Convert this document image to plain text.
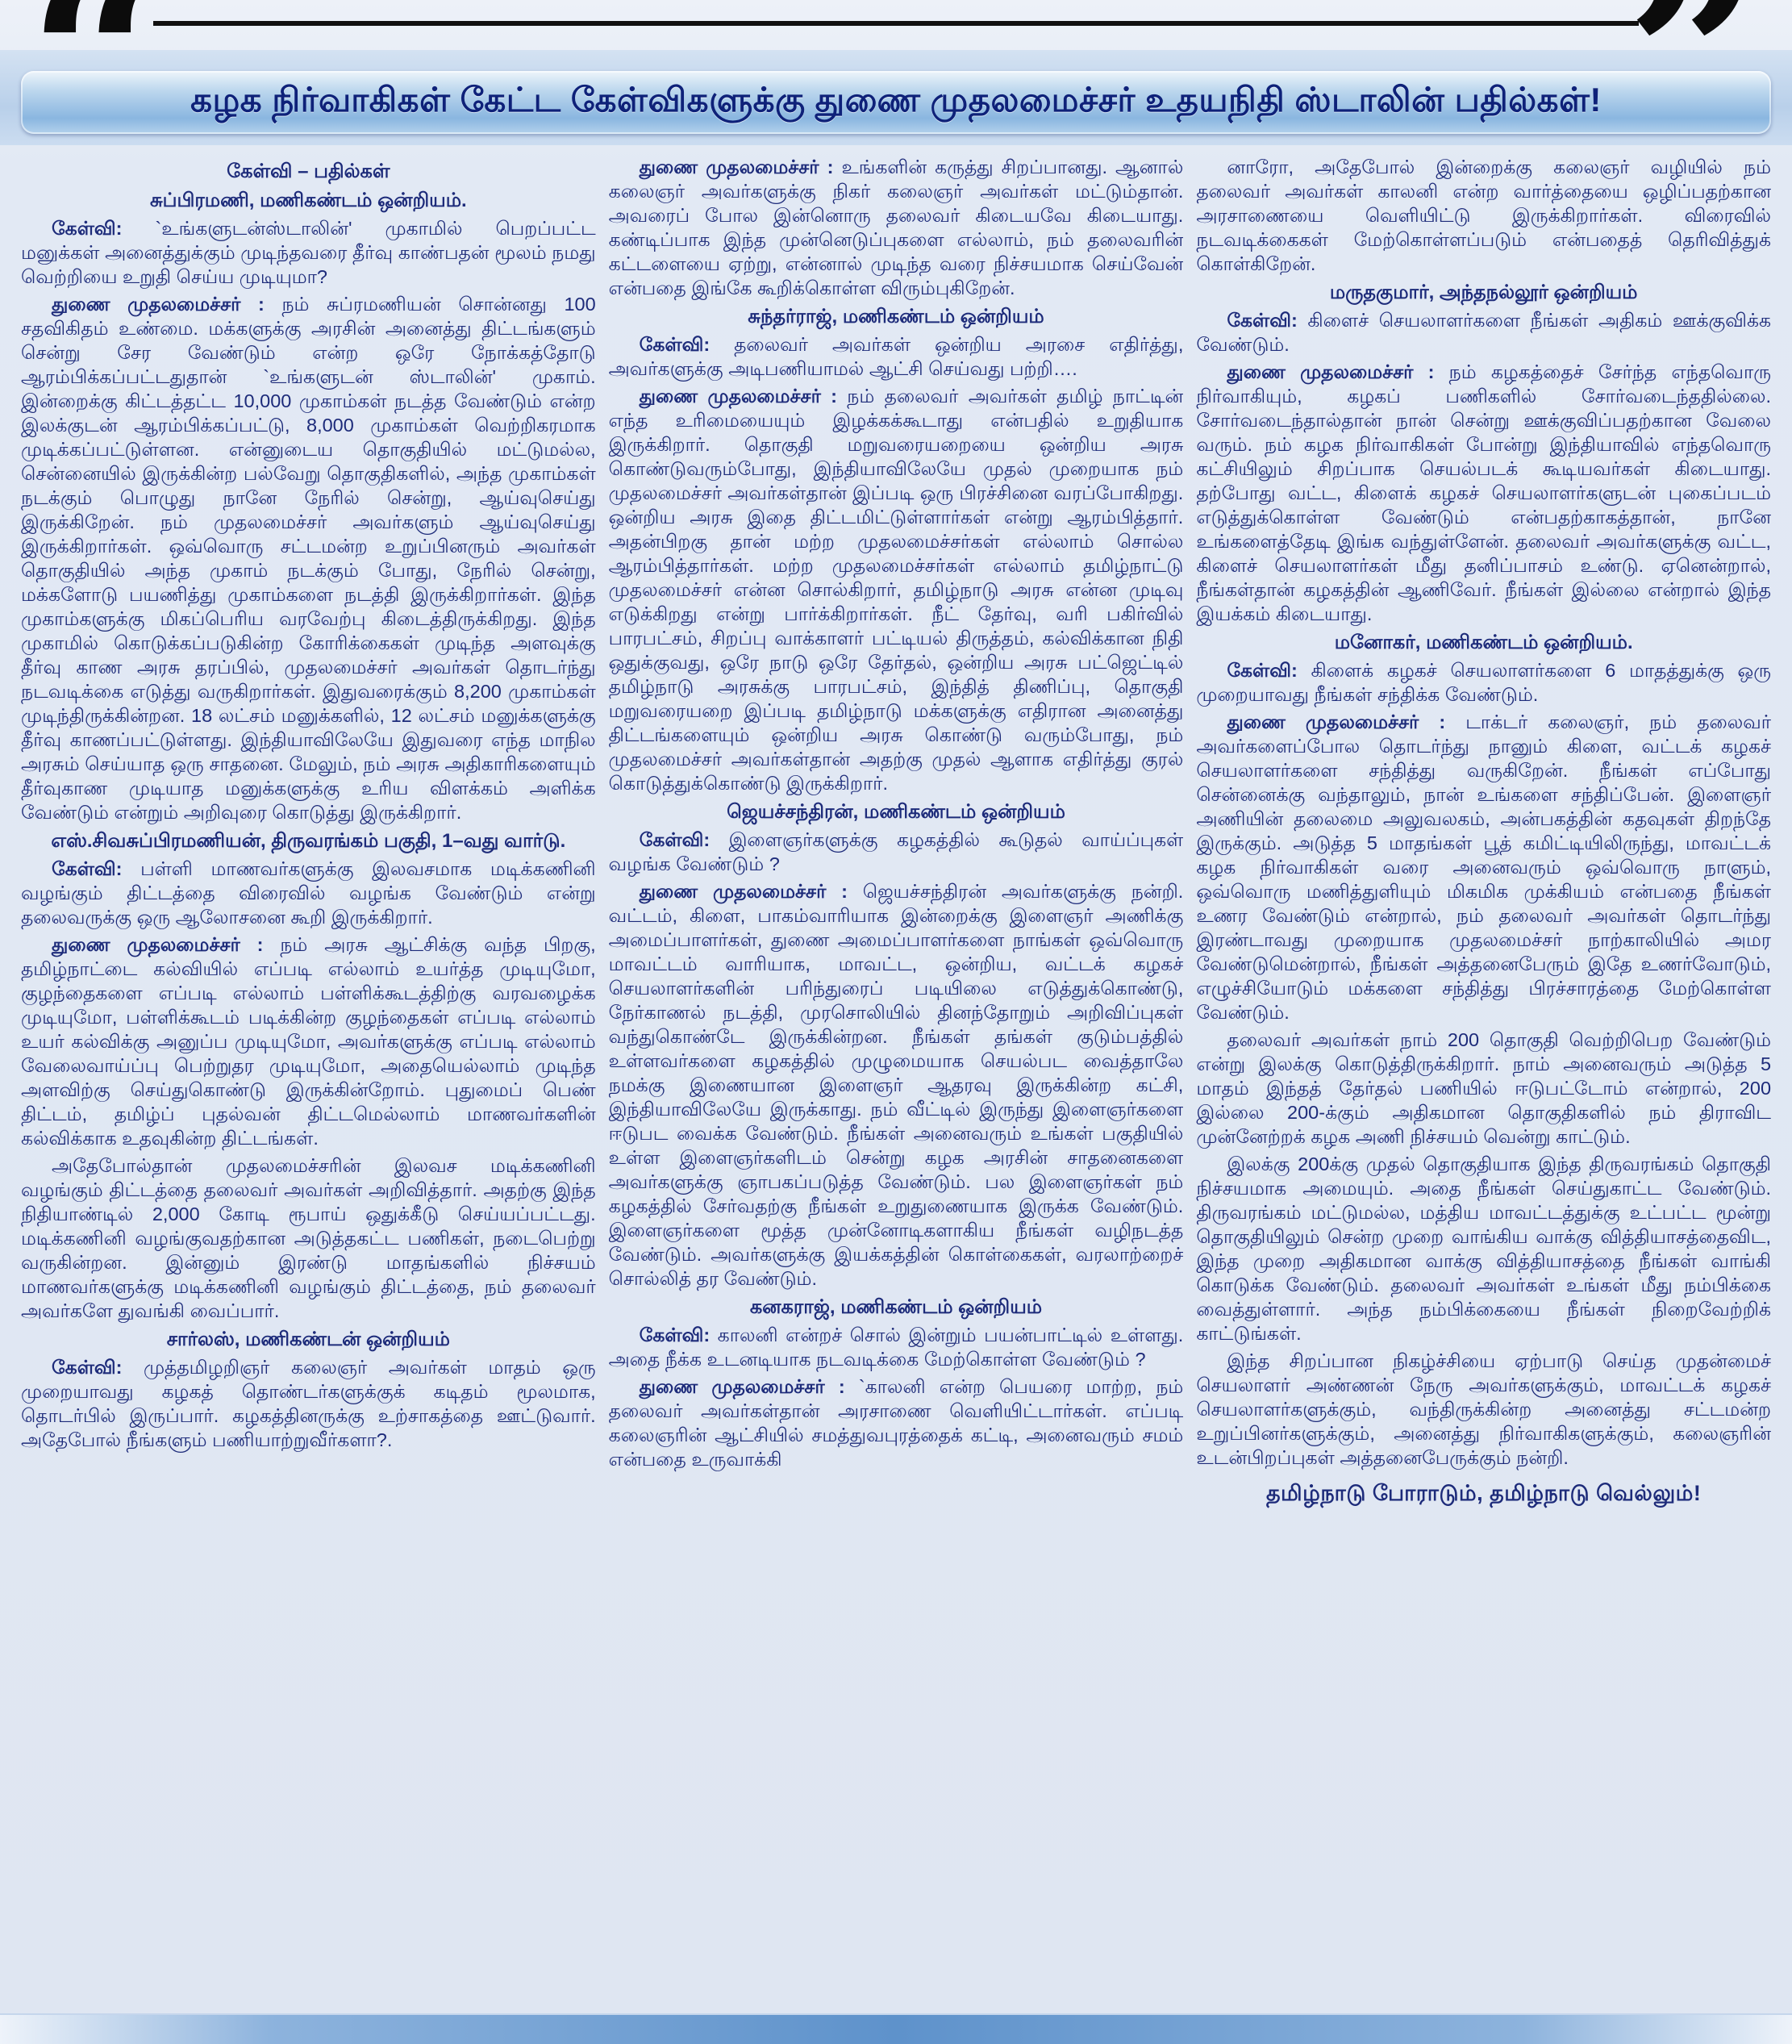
கழக நிர்வாகிகள் கேட்ட கேள்விகளுக்கு துணை முதலமைச்சர் உதயநிதி ஸ்டாலின் பதில்கள்!
கேள்வி – பதில்கள்
சுப்பிரமணி, மணிகண்டம் ஒன்றியம்.

கேள்வி: `உங்களுடன்ஸ்டாலின்' முகாமில் பெறப்பட்ட மனுக்கள் அனைத்துக்கும் முடிந்தவரை தீர்வு காண்பதன் மூலம் நமது வெற்றியை உறுதி செய்ய முடியுமா?

துணை முதலமைச்சர் : நம் சுப்ரமணியன் சொன்னது 100 சதவிகிதம் உண்மை. மக்களுக்கு அரசின் அனைத்து திட்டங்களும் சென்று சேர வேண்டும் என்ற ஒரே நோக்கத்தோடு ஆரம்பிக்கப்பட்டதுதான் `உங்களுடன் ஸ்டாலின்' முகாம். இன்றைக்கு கிட்டத்தட்ட 10,000 முகாம்கள் நடத்த வேண்டும் என்ற இலக்குடன் ஆரம்பிக்கப்பட்டு, 8,000 முகாம்கள் வெற்றிகரமாக முடிக்கப்பட்டுள்ளன. என்னுடைய தொகுதியில் மட்டுமல்ல, சென்னையில் இருக்கின்ற பல்வேறு தொகுதிகளில், அந்த முகாம்கள் நடக்கும் பொழுது நானே நேரில் சென்று, ஆய்வுசெய்து இருக்கிறேன். நம் முதலமைச்சர் அவர்களும் ஆய்வுசெய்து இருக்கிறார்கள். ஒவ்வொரு சட்டமன்ற உறுப்பினரும் அவர்கள் தொகுதியில் அந்த முகாம் நடக்கும் போது, நேரில் சென்று, மக்களோடு பயணித்து முகாம்களை நடத்தி இருக்கிறார்கள். இந்த முகாம்களுக்கு மிகப்பெரிய வரவேற்பு கிடைத்திருக்கிறது. இந்த முகாமில் கொடுக்கப்படுகின்ற கோரிக்கைகள் முடிந்த அளவுக்கு தீர்வு காண அரசு தரப்பில், முதலமைச்சர் அவர்கள் தொடர்ந்து நடவடிக்கை எடுத்து வருகிறார்கள். இதுவரைக்கும் 8,200 முகாம்கள் முடிந்திருக்கின்றன. 18 லட்சம் மனுக்களில், 12 லட்சம் மனுக்களுக்கு தீர்வு காணப்பட்டுள்ளது. இந்தியாவிலேயே இதுவரை எந்த மாநில அரசும் செய்யாத ஒரு சாதனை. மேலும், நம் அரசு அதிகாரிகளையும் தீர்வுகாண முடியாத மனுக்களுக்கு உரிய விளக்கம் அளிக்க வேண்டும் என்றும் அறிவுரை கொடுத்து இருக்கிறார்.

எஸ்.சிவசுப்பிரமணியன், திருவரங்கம் பகுதி, 1–வது வார்டு.

கேள்வி: பள்ளி மாணவர்களுக்கு இலவசமாக மடிக்கணினி வழங்கும் திட்டத்தை விரைவில் வழங்க வேண்டும் என்று தலைவருக்கு ஒரு ஆலோசனை கூறி இருக்கிறார்.

துணை முதலமைச்சர் : நம் அரசு ஆட்சிக்கு வந்த பிறகு, தமிழ்நாட்டை கல்வியில் எப்படி எல்லாம் உயர்த்த முடியுமோ, குழந்தைகளை எப்படி எல்லாம் பள்ளிக்கூடத்திற்கு வரவழைக்க முடியுமோ, பள்ளிக்கூடம் படிக்கின்ற குழந்தைகள் எப்படி எல்லாம் உயர் கல்விக்கு அனுப்ப முடியுமோ, அவர்களுக்கு எப்படி எல்லாம் வேலைவாய்ப்பு பெற்றுதர முடியுமோ, அதையெல்லாம் முடிந்த அளவிற்கு செய்துகொண்டு இருக்கின்றோம். புதுமைப் பெண் திட்டம், தமிழ்ப் புதல்வன் திட்டமெல்லாம் மாணவர்களின் கல்விக்காக உதவுகின்ற திட்டங்கள்.

அதேபோல்தான் முதலமைச்சரின் இலவச மடிக்கணினி வழங்கும் திட்டத்தை தலைவர் அவர்கள் அறிவித்தார். அதற்கு இந்த நிதியாண்டில் 2,000 கோடி ரூபாய் ஒதுக்கீடு செய்யப்பட்டது. மடிக்கணினி வழங்குவதற்கான அடுத்தகட்ட பணிகள், நடைபெற்று வருகின்றன. இன்னும் இரண்டு மாதங்களில் நிச்சயம் மாணவர்களுக்கு மடிக்கணினி வழங்கும் திட்டத்தை, நம் தலைவர் அவர்களே துவங்கி வைப்பார்.

சார்லஸ், மணிகண்டன் ஒன்றியம்

கேள்வி: முத்தமிழறிஞர் கலைஞர் அவர்கள் மாதம் ஒரு முறையாவது கழகத் தொண்டர்களுக்குக் கடிதம் மூலமாக, தொடர்பில் இருப்பார். கழகத்தினருக்கு உற்சாகத்தை ஊட்டுவார். அதேபோல் நீங்களும் பணியாற்றுவீர்களா?.

துணை முதலமைச்சர் : உங்களின் கருத்து சிறப்பானது. ஆனால் கலைஞர் அவர்களுக்கு நிகர் கலைஞர் அவர்கள் மட்டும்தான். அவரைப் போல இன்னொரு தலைவர் கிடையவே கிடையாது. கண்டிப்பாக இந்த முன்னெடுப்புகளை எல்லாம், நம் தலைவரின் கட்டளையை ஏற்று, என்னால் முடிந்த வரை நிச்சயமாக செய்வேன் என்பதை இங்கே கூறிக்கொள்ள விரும்புகிறேன்.

சுந்தர்ராஜ், மணிகண்டம் ஒன்றியம்

கேள்வி: தலைவர் அவர்கள் ஒன்றிய அரசை எதிர்த்து, அவர்களுக்கு அடிபணியாமல் ஆட்சி செய்வது பற்றி….

துணை முதலமைச்சர் : நம் தலைவர் அவர்கள் தமிழ் நாட்டின் எந்த உரிமையையும் இழக்கக்கூடாது என்பதில் உறுதியாக இருக்கிறார். தொகுதி மறுவரையறையை ஒன்றிய அரசு கொண்டுவரும்போது, இந்தியாவிலேயே முதல் முறையாக நம் முதலமைச்சர் அவர்கள்தான் இப்படி ஒரு பிரச்சினை வரப்போகிறது. ஒன்றிய அரசு இதை திட்டமிட்டுள்ளார்கள் என்று ஆரம்பித்தார். அதன்பிறகு தான் மற்ற முதலமைச்சர்கள் எல்லாம் சொல்ல ஆரம்பித்தார்கள். மற்ற முதலமைச்சர்கள் எல்லாம் தமிழ்நாட்டு முதலமைச்சர் என்ன சொல்கிறார், தமிழ்நாடு அரசு என்ன முடிவு எடுக்கிறது என்று பார்க்கிறார்கள். நீட் தேர்வு, வரி பகிர்வில் பாரபட்சம், சிறப்பு வாக்காளர் பட்டியல் திருத்தம், கல்விக்கான நிதி ஒதுக்குவது, ஒரே நாடு ஒரே தேர்தல், ஒன்றிய அரசு பட்ஜெட்டில் தமிழ்நாடு அரசுக்கு பாரபட்சம், இந்தித் திணிப்பு, தொகுதி மறுவரையறை இப்படி தமிழ்நாடு மக்களுக்கு எதிரான அனைத்து திட்டங்களையும் ஒன்றிய அரசு கொண்டு வரும்போது, நம் முதலமைச்சர் அவர்கள்தான் அதற்கு முதல் ஆளாக எதிர்த்து குரல் கொடுத்துக்கொண்டு இருக்கிறார்.

ஜெயச்சந்திரன், மணிகண்டம் ஒன்றியம்

கேள்வி: இளைஞர்களுக்கு கழகத்தில் கூடுதல் வாய்ப்புகள் வழங்க வேண்டும் ?

துணை முதலமைச்சர் : ஜெயச்சந்திரன் அவர்களுக்கு நன்றி. வட்டம், கிளை, பாகம்வாரியாக இன்றைக்கு இளைஞர் அணிக்கு அமைப்பாளர்கள், துணை அமைப்பாளர்களை நாங்கள் ஒவ்வொரு மாவட்டம் வாரியாக, மாவட்ட, ஒன்றிய, வட்டக் கழகச் செயலாளர்களின் பரிந்துரைப் படியிலை எடுத்துக்கொண்டு, நேர்காணல் நடத்தி, முரசொலியில் தினந்தோறும் அறிவிப்புகள் வந்துகொண்டே இருக்கின்றன. நீங்கள் தங்கள் குடும்பத்தில் உள்ளவர்களை கழகத்தில் முழுமையாக செயல்பட வைத்தாலே நமக்கு இணையான இளைஞர் ஆதரவு இருக்கின்ற கட்சி, இந்தியாவிலேயே இருக்காது. நம் வீட்டில் இருந்து இளைஞர்களை ஈடுபட வைக்க வேண்டும். நீங்கள் அனைவரும் உங்கள் பகுதியில் உள்ள இளைஞர்களிடம் சென்று கழக அரசின் சாதனைகளை அவர்களுக்கு ஞாபகப்படுத்த வேண்டும். பல இளைஞர்கள் நம் கழகத்தில் சேர்வதற்கு நீங்கள் உறுதுணையாக இருக்க வேண்டும். இளைஞர்களை மூத்த முன்னோடிகளாகிய நீங்கள் வழிநடத்த வேண்டும். அவர்களுக்கு இயக்கத்தின் கொள்கைகள், வரலாற்றைச் சொல்லித் தர வேண்டும்.

கனகராஜ், மணிகண்டம் ஒன்றியம்

கேள்வி: காலனி என்றச் சொல் இன்றும் பயன்பாட்டில் உள்ளது. அதை நீக்க உடனடியாக நடவடிக்கை மேற்கொள்ள வேண்டும் ?

துணை முதலமைச்சர் : `காலனி என்ற பெயரை மாற்ற, நம் தலைவர் அவர்கள்தான் அரசாணை வெளியிட்டார்கள். எப்படி கலைஞரின் ஆட்சியில் சமத்துவபுரத்தைக் கட்டி, அனைவரும் சமம் என்பதை உருவாக்கி

னாரோ, அதேபோல் இன்றைக்கு கலைஞர் வழியில் நம் தலைவர் அவர்கள் காலனி என்ற வார்த்தையை ஒழிப்பதற்கான அரசாணையை வெளியிட்டு இருக்கிறார்கள். விரைவில் நடவடிக்கைகள் மேற்கொள்ளப்படும் என்பதைத் தெரிவித்துக் கொள்கிறேன்.

மருதகுமார், அந்தநல்லூர் ஒன்றியம்

கேள்வி: கிளைச் செயலாளர்களை நீங்கள் அதிகம் ஊக்குவிக்க வேண்டும்.

துணை முதலமைச்சர் : நம் கழகத்தைச் சேர்ந்த எந்தவொரு நிர்வாகியும், கழகப் பணிகளில் சோர்வடைந்ததில்லை. சோர்வடைந்தால்தான் நான் சென்று ஊக்குவிப்பதற்கான வேலை வரும். நம் கழக நிர்வாகிகள் போன்று இந்தியாவில் எந்தவொரு கட்சியிலும் சிறப்பாக செயல்படக் கூடியவர்கள் கிடையாது. தற்போது வட்ட, கிளைக் கழகச் செயலாளர்களுடன் புகைப்படம் எடுத்துக்கொள்ள வேண்டும் என்பதற்காகத்தான், நானே உங்களைத்தேடி இங்க வந்துள்ளேன். தலைவர் அவர்களுக்கு வட்ட, கிளைச் செயலாளர்கள் மீது தனிப்பாசம் உண்டு. ஏனென்றால், நீங்கள்தான் கழகத்தின் ஆணிவேர். நீங்கள் இல்லை என்றால் இந்த இயக்கம் கிடையாது.

மனோகர், மணிகண்டம் ஒன்றியம்.

கேள்வி: கிளைக் கழகச் செயலாளர்களை 6 மாதத்துக்கு ஒரு முறையாவது நீங்கள் சந்திக்க வேண்டும்.

துணை முதலமைச்சர் : டாக்டர் கலைஞர், நம் தலைவர் அவர்களைப்போல தொடர்ந்து நானும் கிளை, வட்டக் கழகச் செயலாளர்களை சந்தித்து வருகிறேன். நீங்கள் எப்போது சென்னைக்கு வந்தாலும், நான் உங்களை சந்திப்பேன். இளைஞர் அணியின் தலைமை அலுவலகம், அன்பகத்தின் கதவுகள் திறந்தே இருக்கும். அடுத்த 5 மாதங்கள் பூத் கமிட்டியிலிருந்து, மாவட்டக் கழக நிர்வாகிகள் வரை அனைவரும் ஒவ்வொரு நாளும், ஒவ்வொரு மணித்துளியும் மிகமிக முக்கியம் என்பதை நீங்கள் உணர வேண்டும் என்றால், நம் தலைவர் அவர்கள் தொடர்ந்து இரண்டாவது முறையாக முதலமைச்சர் நாற்காலியில் அமர வேண்டுமென்றால், நீங்கள் அத்தனைபேரும் இதே உணர்வோடும், எழுச்சியோடும் மக்களை சந்தித்து பிரச்சாரத்தை மேற்கொள்ள வேண்டும்.

தலைவர் அவர்கள் நாம் 200 தொகுதி வெற்றிபெற வேண்டும் என்று இலக்கு கொடுத்திருக்கிறார். நாம் அனைவரும் அடுத்த 5 மாதம் இந்தத் தேர்தல் பணியில் ஈடுபட்டோம் என்றால், 200 இல்லை 200-க்கும் அதிகமான தொகுதிகளில் நம் திராவிட முன்னேற்றக் கழக அணி நிச்சயம் வென்று காட்டும்.

இலக்கு 200க்கு முதல் தொகுதியாக இந்த திருவரங்கம் தொகுதி நிச்சயமாக அமையும். அதை நீங்கள் செய்துகாட்ட வேண்டும். திருவரங்கம் மட்டுமல்ல, மத்திய மாவட்டத்துக்கு உட்பட்ட மூன்று தொகுதியிலும் சென்ற முறை வாங்கிய வாக்கு வித்தியாசத்தைவிட, இந்த முறை அதிகமான வாக்கு வித்தியாசத்தை நீங்கள் வாங்கி கொடுக்க வேண்டும். தலைவர் அவர்கள் உங்கள் மீது நம்பிக்கை வைத்துள்ளார். அந்த நம்பிக்கையை நீங்கள் நிறைவேற்றிக் காட்டுங்கள்.

இந்த சிறப்பான நிகழ்ச்சியை ஏற்பாடு செய்த முதன்மைச் செயலாளர் அண்ணன் நேரு அவர்களுக்கும், மாவட்டக் கழகச் செயலாளர்களுக்கும், வந்திருக்கின்ற அனைத்து சட்டமன்ற உறுப்பினர்களுக்கும், அனைத்து நிர்வாகிகளுக்கும், கலைஞரின் உடன்பிறப்புகள் அத்தனைபேருக்கும் நன்றி.

தமிழ்நாடு போராடும், தமிழ்நாடு வெல்லும்!
